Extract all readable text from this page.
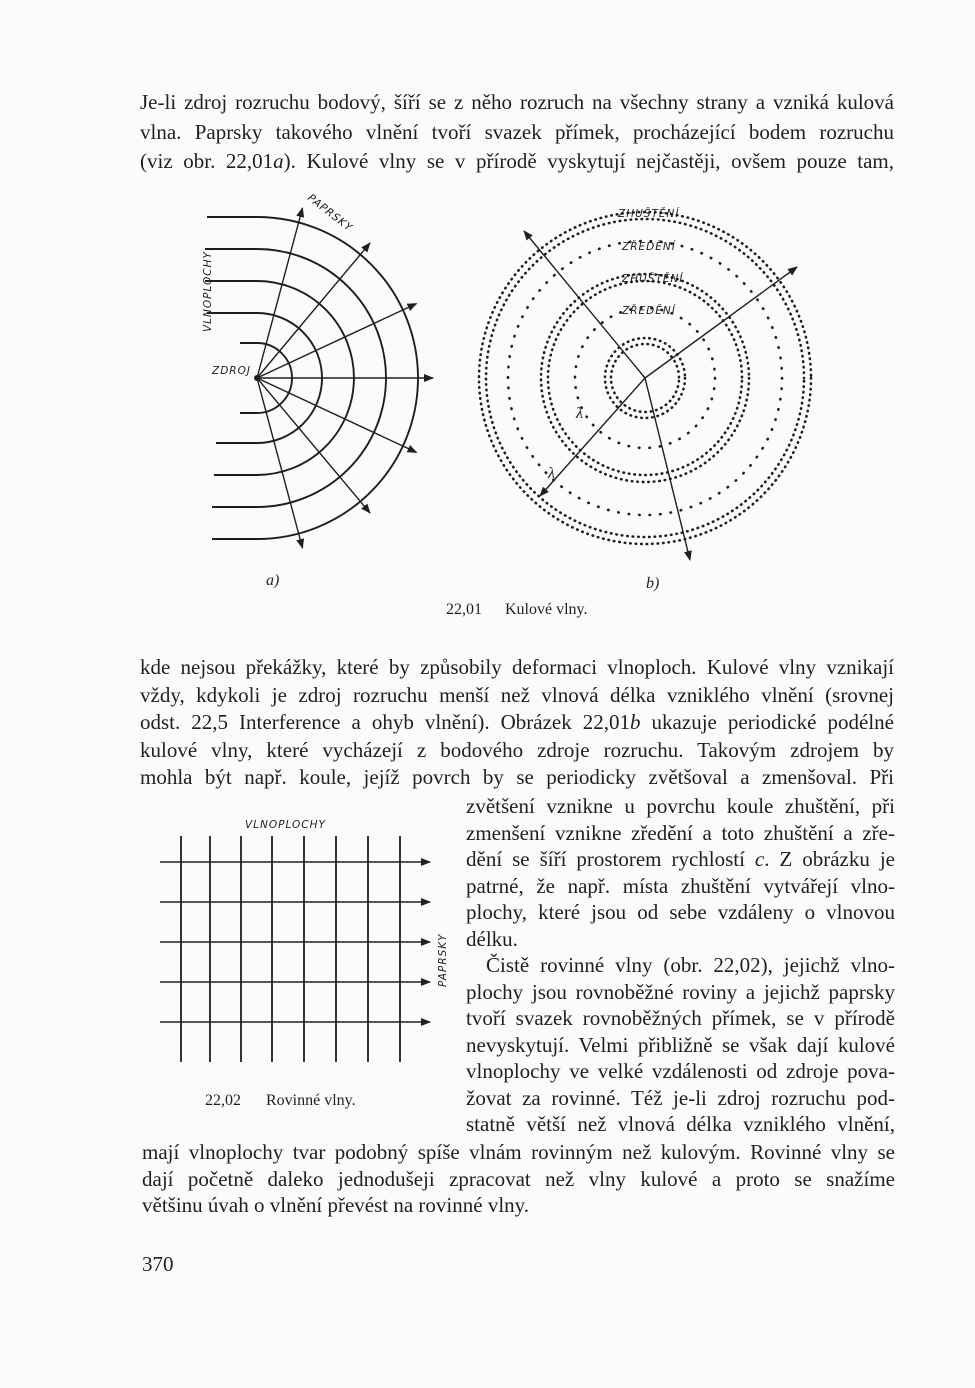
Je-li zdroj rozruchu bodový, šíří se z něho rozruch na všechny strany a vzniká kulová
vlna. Paprsky takového vlnění tvoří svazek přímek, procházející bodem rozruchu
(viz obr. 22,01a). Kulové vlny se v přírodě vyskytují nejčastěji, ovšem pouze tam,
VLNOPLOCHY
PAPRSKY
ZDROJ
a)
ZHUŠTĚNÍ
ZŘEDĚNÍ
ZHUŠTĚNÍ
ZŘEDĚNÍ
λ
λ
b)
22,01 Kulové vlny.
kde nejsou překážky, které by způsobily deformaci vlnoploch. Kulové vlny vznikají
vždy, kdykoli je zdroj rozruchu menší než vlnová délka vzniklého vlnění (srovnej
odst. 22,5 Interference a ohyb vlnění). Obrázek 22,01b ukazuje periodické podélné
kulové vlny, které vycházejí z bodového zdroje rozruchu. Takovým zdrojem by
mohla být např. koule, jejíž povrch by se periodicky zvětšoval a zmenšoval. Při
VLNOPLOCHY
PAPRSKY
22,02 Rovinné vlny.
zvětšení vznikne u povrchu koule zhuštění, při
zmenšení vznikne zředění a toto zhuštění a zře-
dění se šíří prostorem rychlostí c. Z obrázku je
patrné, že např. místa zhuštění vytvářejí vlno-
plochy, které jsou od sebe vzdáleny o vlnovou
délku.
Čistě rovinné vlny (obr. 22,02), jejichž vlno-
plochy jsou rovnoběžné roviny a jejichž paprsky
tvoří svazek rovnoběžných přímek, se v přírodě
nevyskytují. Velmi přibližně se však dají kulové
vlnoplochy ve velké vzdálenosti od zdroje pova-
žovat za rovinné. Též je-li zdroj rozruchu pod-
statně větší než vlnová délka vzniklého vlnění,
mají vlnoplochy tvar podobný spíše vlnám rovinným než kulovým. Rovinné vlny se
dají početně daleko jednodušeji zpracovat než vlny kulové a proto se snažíme
většinu úvah o vlnění převést na rovinné vlny.
370
